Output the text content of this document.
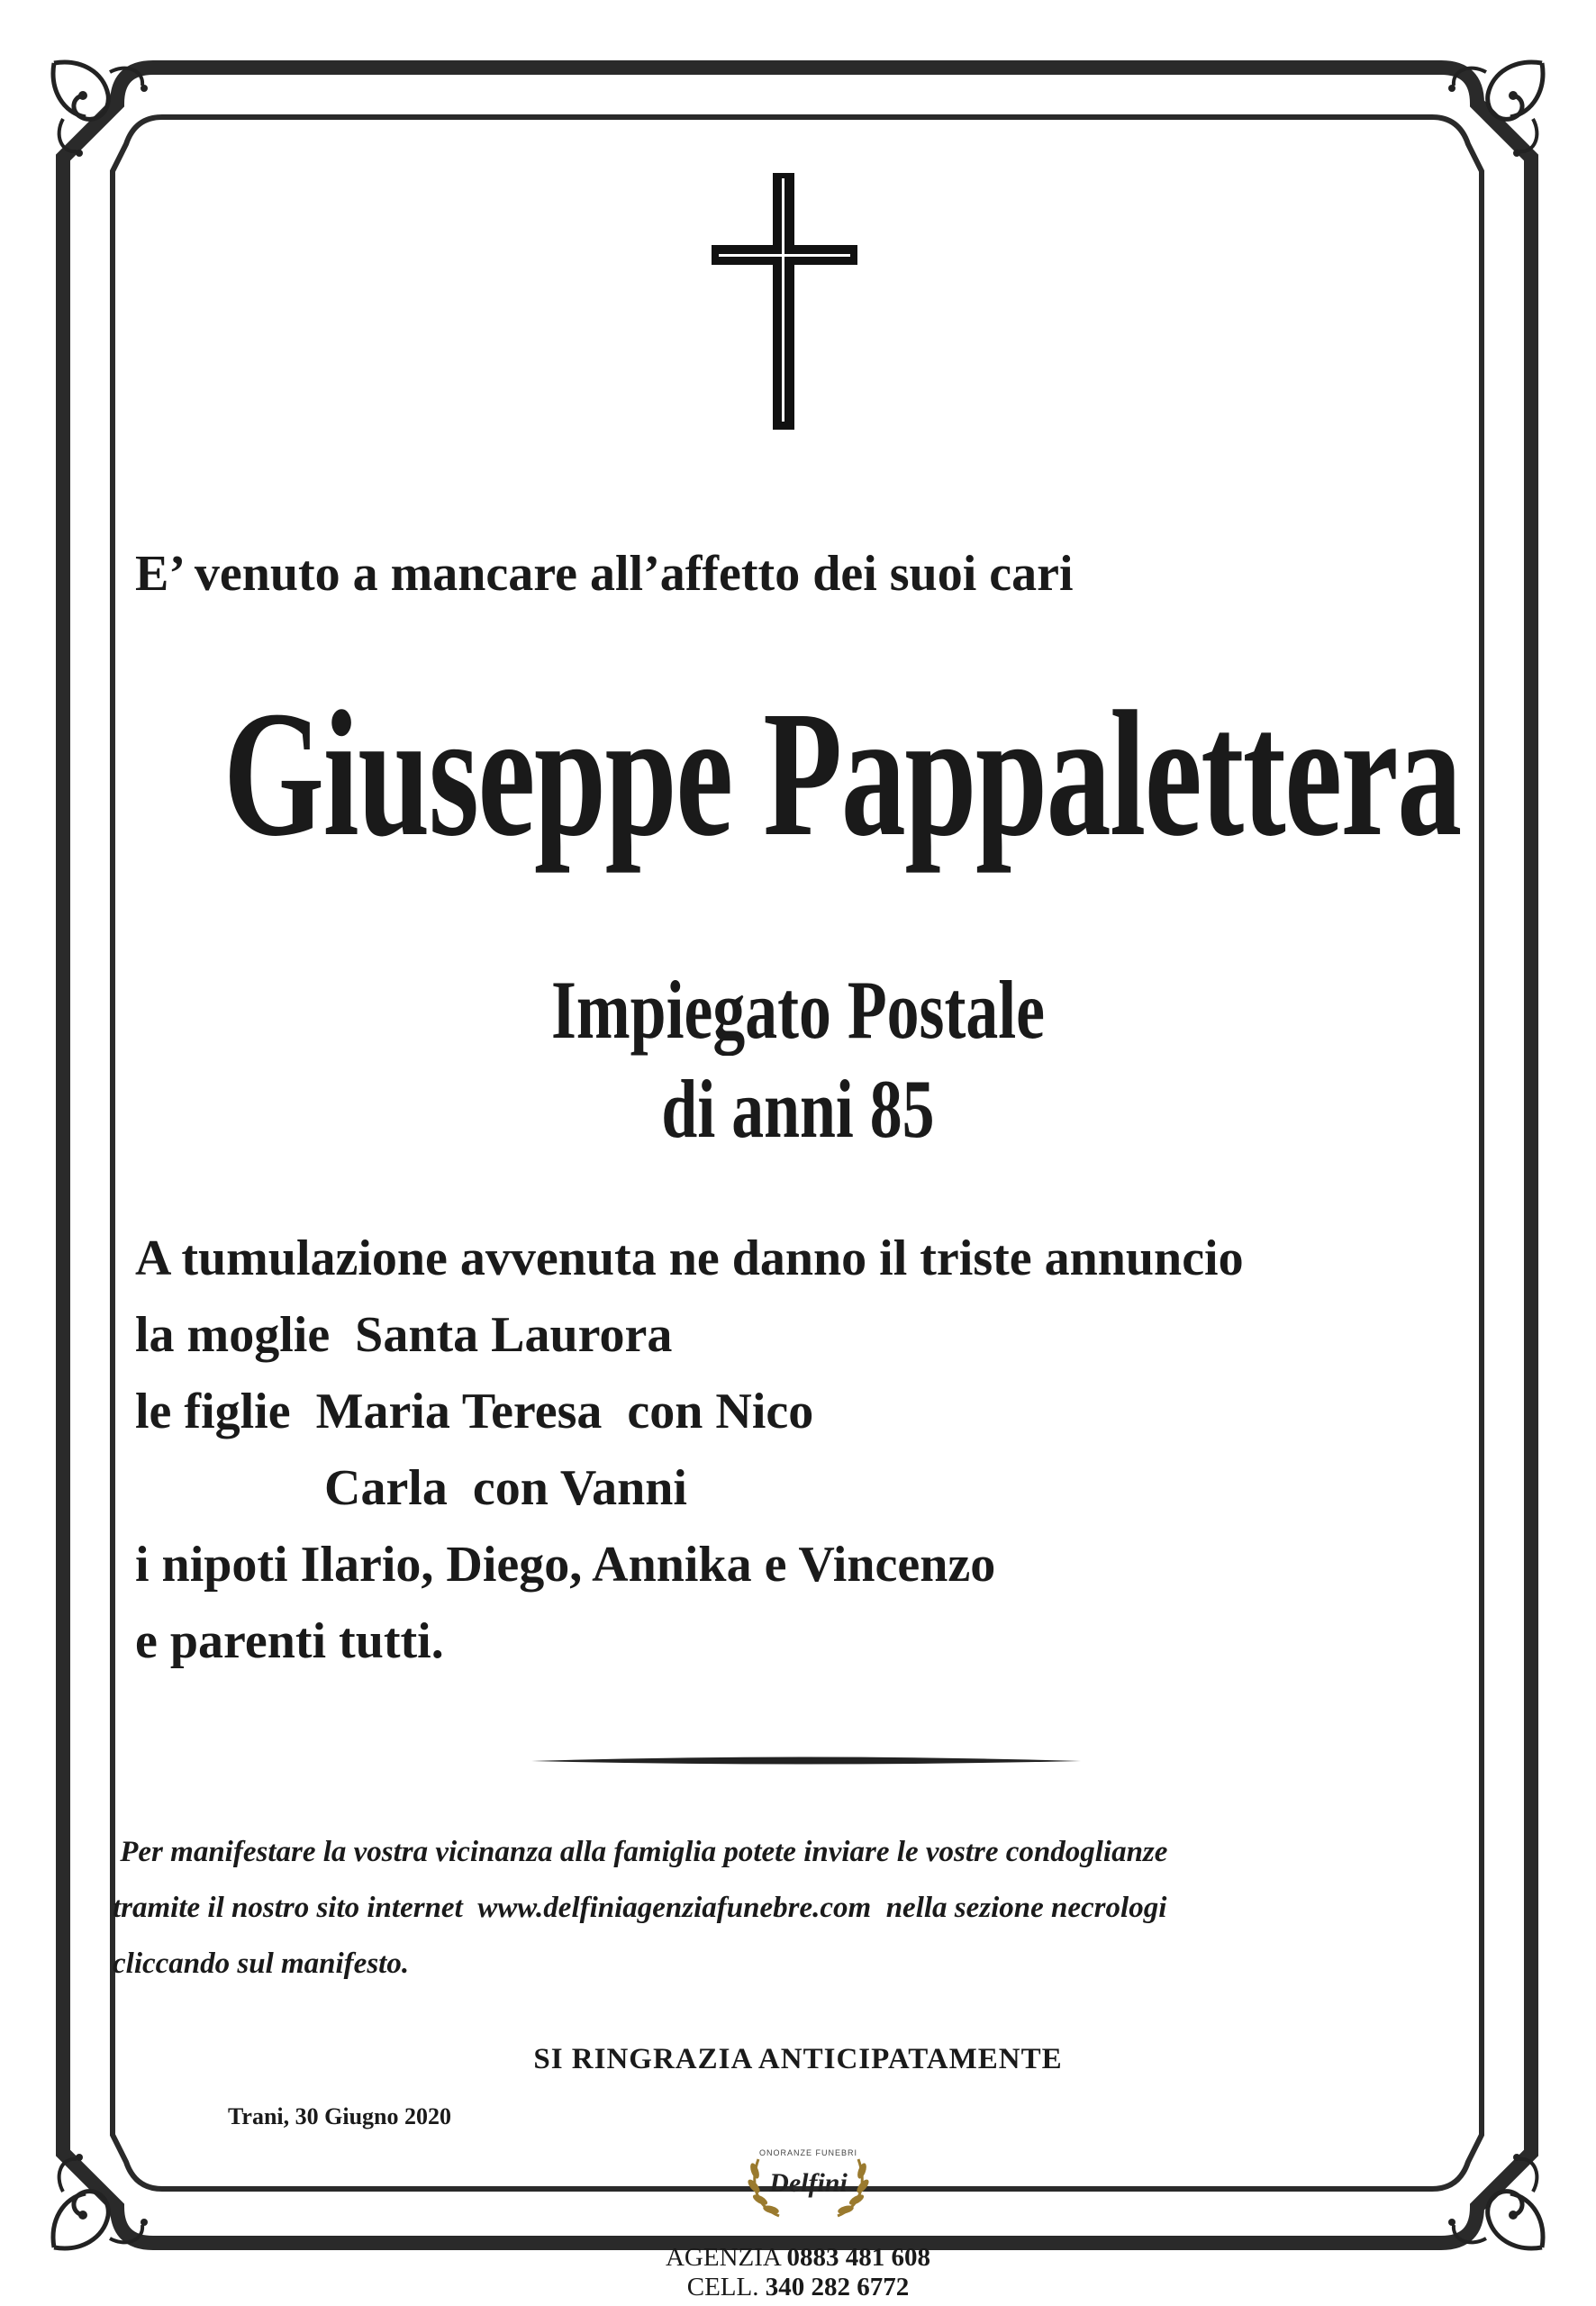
E’ venuto a mancare all’affetto dei suoi cari
Giuseppe Pappalettera
Impiegato Postale
di anni 85
A tumulazione avvenuta ne danno il triste annuncio
la moglie  Santa Laurora
le figlie  Maria Teresa  con Nico
Carla  con Vanni
i nipoti Ilario, Diego, Annika e Vincenzo
e parenti tutti.
Per manifestare la vostra vicinanza alla famiglia potete inviare le vostre condoglianze
tramite il nostro sito internet  www.delfiniagenziafunebre.com  nella sezione necrologi
cliccando sul manifesto.
SI RINGRAZIA ANTICIPATAMENTE
Trani, 30 Giugno 2020
ONORANZE FUNEBRI
Delfini
AGENZIA 0883 481 608
CELL. 340 282 6772
